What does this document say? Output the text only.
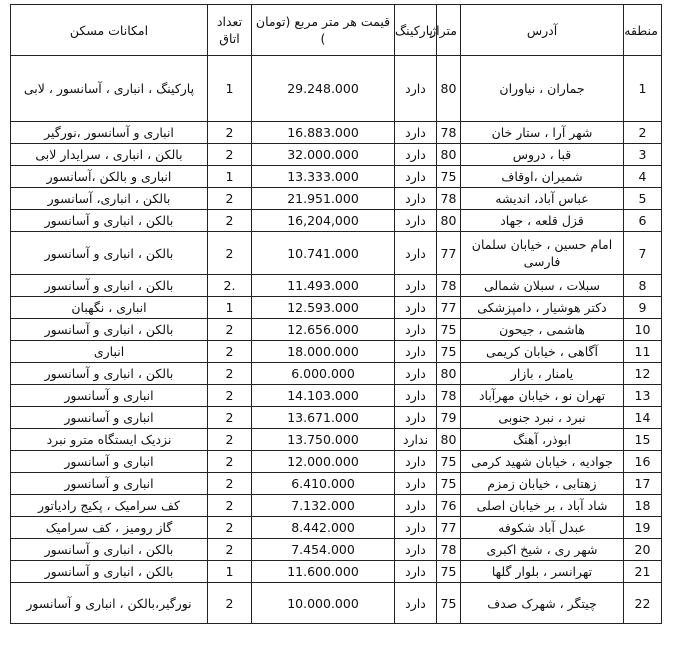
منطقه	آدرس	متراژ	پارکینگ	قیمت هر متر مربع (تومان )	تعداد اتاق	امکانات مسکن
1	جماران ، نیاوران	80	دارد	29.248.000	1	پارکینگ ، انباری ، آسانسور ، لابی
2	شهر آرا ، ستار خان	78	دارد	16.883.000	2	انباری و آسانسور ،نورگیر
3	قبا ، دروس	80	دارد	32.000.000	2	بالکن ، انباری ، سرایدار لابی
4	شمیران ،اوقاف	75	دارد	13.333.000	1	انباری و بالکن ،آسانسور
5	عباس آباد، اندیشه	78	دارد	21.951.000	2	بالکن ، انباری، آسانسور
6	قزل قلعه ، جهاد	80	دارد	16,204,000	2	بالکن ، انباری و آسانسور
7	امام حسین ، خیابان سلمان فارسی	77	دارد	10.741.000	2	بالکن ، انباری و آسانسور
8	سبلات ، سبلان شمالی	78	دارد	11.493.000	2.	بالکن ، انباری و آسانسور
9	دکتر هوشیار ، دامپزشکی	77	دارد	12.593.000	1	انباری ، نگهبان
10	هاشمی ، جیحون	75	دارد	12.656.000	2	بالکن ، انباری و آسانسور
11	آگاهی ، خیابان کریمی	75	دارد	18.000.000	2	انباری
12	یامنار ، بازار	80	دارد	6.000.000	2	بالکن ، انباری و آسانسور
13	تهران نو ، خیابان مهرآباد	78	دارد	14.103.000	2	انباری و آسانسور
14	نبرد ، نبرد جنوبی	79	دارد	13.671.000	2	انباری و آسانسور
15	ابوذر، آهنگ	80	ندارد	13.750.000	2	نزدیک ایستگاه مترو نبرد
16	جوادیه ، خیابان شهید کرمی	75	دارد	12.000.000	2	انباری و آسانسور
17	زهتابی ، خیابان زمزم	75	دارد	6.410.000	2	انباری و آسانسور
18	شاد آباد ، بر خیابان اصلی	76	دارد	7.132.000	2	کف سرامیک ، پکیج رادیاتور
19	عبدل آباد شکوفه	77	دارد	8.442.000	2	گاز رومیز ، کف سرامیک
20	شهر ری ، شیخ اکبری	78	دارد	7.454.000	2	بالکن ، انباری و آسانسور
21	تهرانسر ، بلوار گلها	75	دارد	11.600.000	1	بالکن ، انباری و آسانسور
22	چیتگر ، شهرک صدف	75	دارد	10.000.000	2	نورگیر،بالکن ، انباری و آسانسور
